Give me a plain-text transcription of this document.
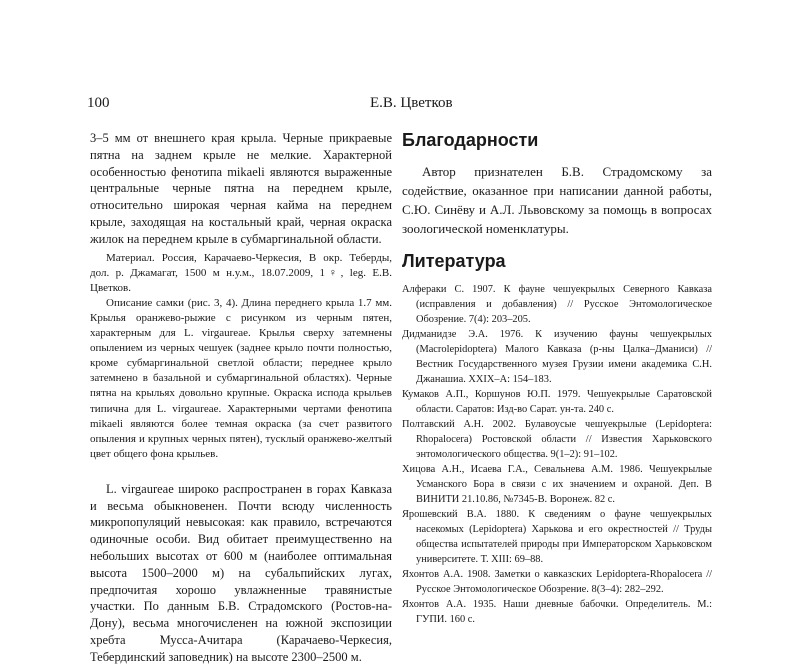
100	Е.В. Цветков

3–5 мм от внешнего края крыла. Черные прикраевые пятна на заднем крыле не мелкие. Характерной особенностью фенотипа mikaeli являются выраженные центральные черные пятна на переднем крыле, относительно широкая черная кайма на переднем крыле, заходящая на костальный край, черная окраска жилок на переднем крыле в субмаргинальной области.

Материал. Россия, Карачаево-Черкесия, В окр. Теберды, дол. р. Джамагат, 1500 м н.у.м., 18.07.2009, 1♀, leg. Е.В. Цветков.

Описание самки (рис. 3, 4). Длина переднего крыла 1.7 мм. Крылья оранжево-рыжие с рисунком из черным пятен, характерным для L. virgaureae. Крылья сверху затемнены опылением из черных чешуек (заднее крыло почти полностью, кроме субмаргинальной светлой области; переднее крыло затемнено в базальной и субмаргинальной областях). Черные пятна на крыльях довольно крупные. Окраска исподa крыльев типична для L. virgaureae. Характерными чертами фенотипа mikaeli являются более темная окраска (за счет развитого опыления и крупных черных пятен), тусклый оранжево-желтый цвет общего фона крыльев.

L. virgaureae широко распространен в горах Кавказа и весьма обыкновенен. Почти всюду численность микропопуляций невысокая: как правило, встречаются одиночные особи. Вид обитает преимущественно на небольших высотах от 600 м (наиболее оптимальная высота 1500–2000 м) на субальпийских лугах, предпочитая хорошо увлажненные травянистые участки. По данным Б.В. Страдомского (Ростов-на-Дону), весьма многочисленен на южной экспозиции хребта Мусса-Ачитара (Карачаево-Черкесия, Тебердинский заповедник) на высоте 2300–2500 м.

Благодарности

Автор признателен Б.В. Страдомскому за содействие, оказанное при написании данной работы, С.Ю. Синёву и А.Л. Львовскому за помощь в вопросах зоологической номенклатуры.

Литература

Алфераки С. 1907. К фауне чешуекрылых Северного Кавказа (исправления и добавления) // Русское Энтомологическое Обозрение. 7(4): 203–205.

Дидманидзе Э.А. 1976. К изучению фауны чешуекрылых (Macrolepidoptera) Малого Кавказа (р-ны Цалка–Дманиси) // Вестник Государственного музея Грузии имени академика С.Н. Джанашиа. XXIX–А: 154–183.

Кумаков А.П., Коршунов Ю.П. 1979. Чешуекрылые Саратовской области. Саратов: Изд-во Сарат. ун-та. 240 с.

Полтавский А.Н. 2002. Булавоусые чешуекрылые (Lepidoptera: Rhopalocera) Ростовской области // Известия Харьковского энтомологического общества. 9(1–2): 91–102.

Хицова А.Н., Исаева Г.А., Севальнева А.М. 1986. Чешуекрылые Усманского Бора в связи с их значением и охраной. Деп. В ВИНИТИ 21.10.86, №7345-В. Воронеж. 82 с.

Ярошевский В.А. 1880. К сведениям о фауне чешуекрылых насекомых (Lepidoptera) Харькова и его окрестностей // Труды общества испытателей природы при Императорском Харьковском университете. Т. XIII: 69–88.

Яхонтов А.А. 1908. Заметки о кавказских Lepidoptera-Rhopalocera // Русское Энтомологическое Обозрение. 8(3–4): 282–292.

Яхонтов А.А. 1935. Наши дневные бабочки. Определитель. М.: ГУПИ. 160 с.
